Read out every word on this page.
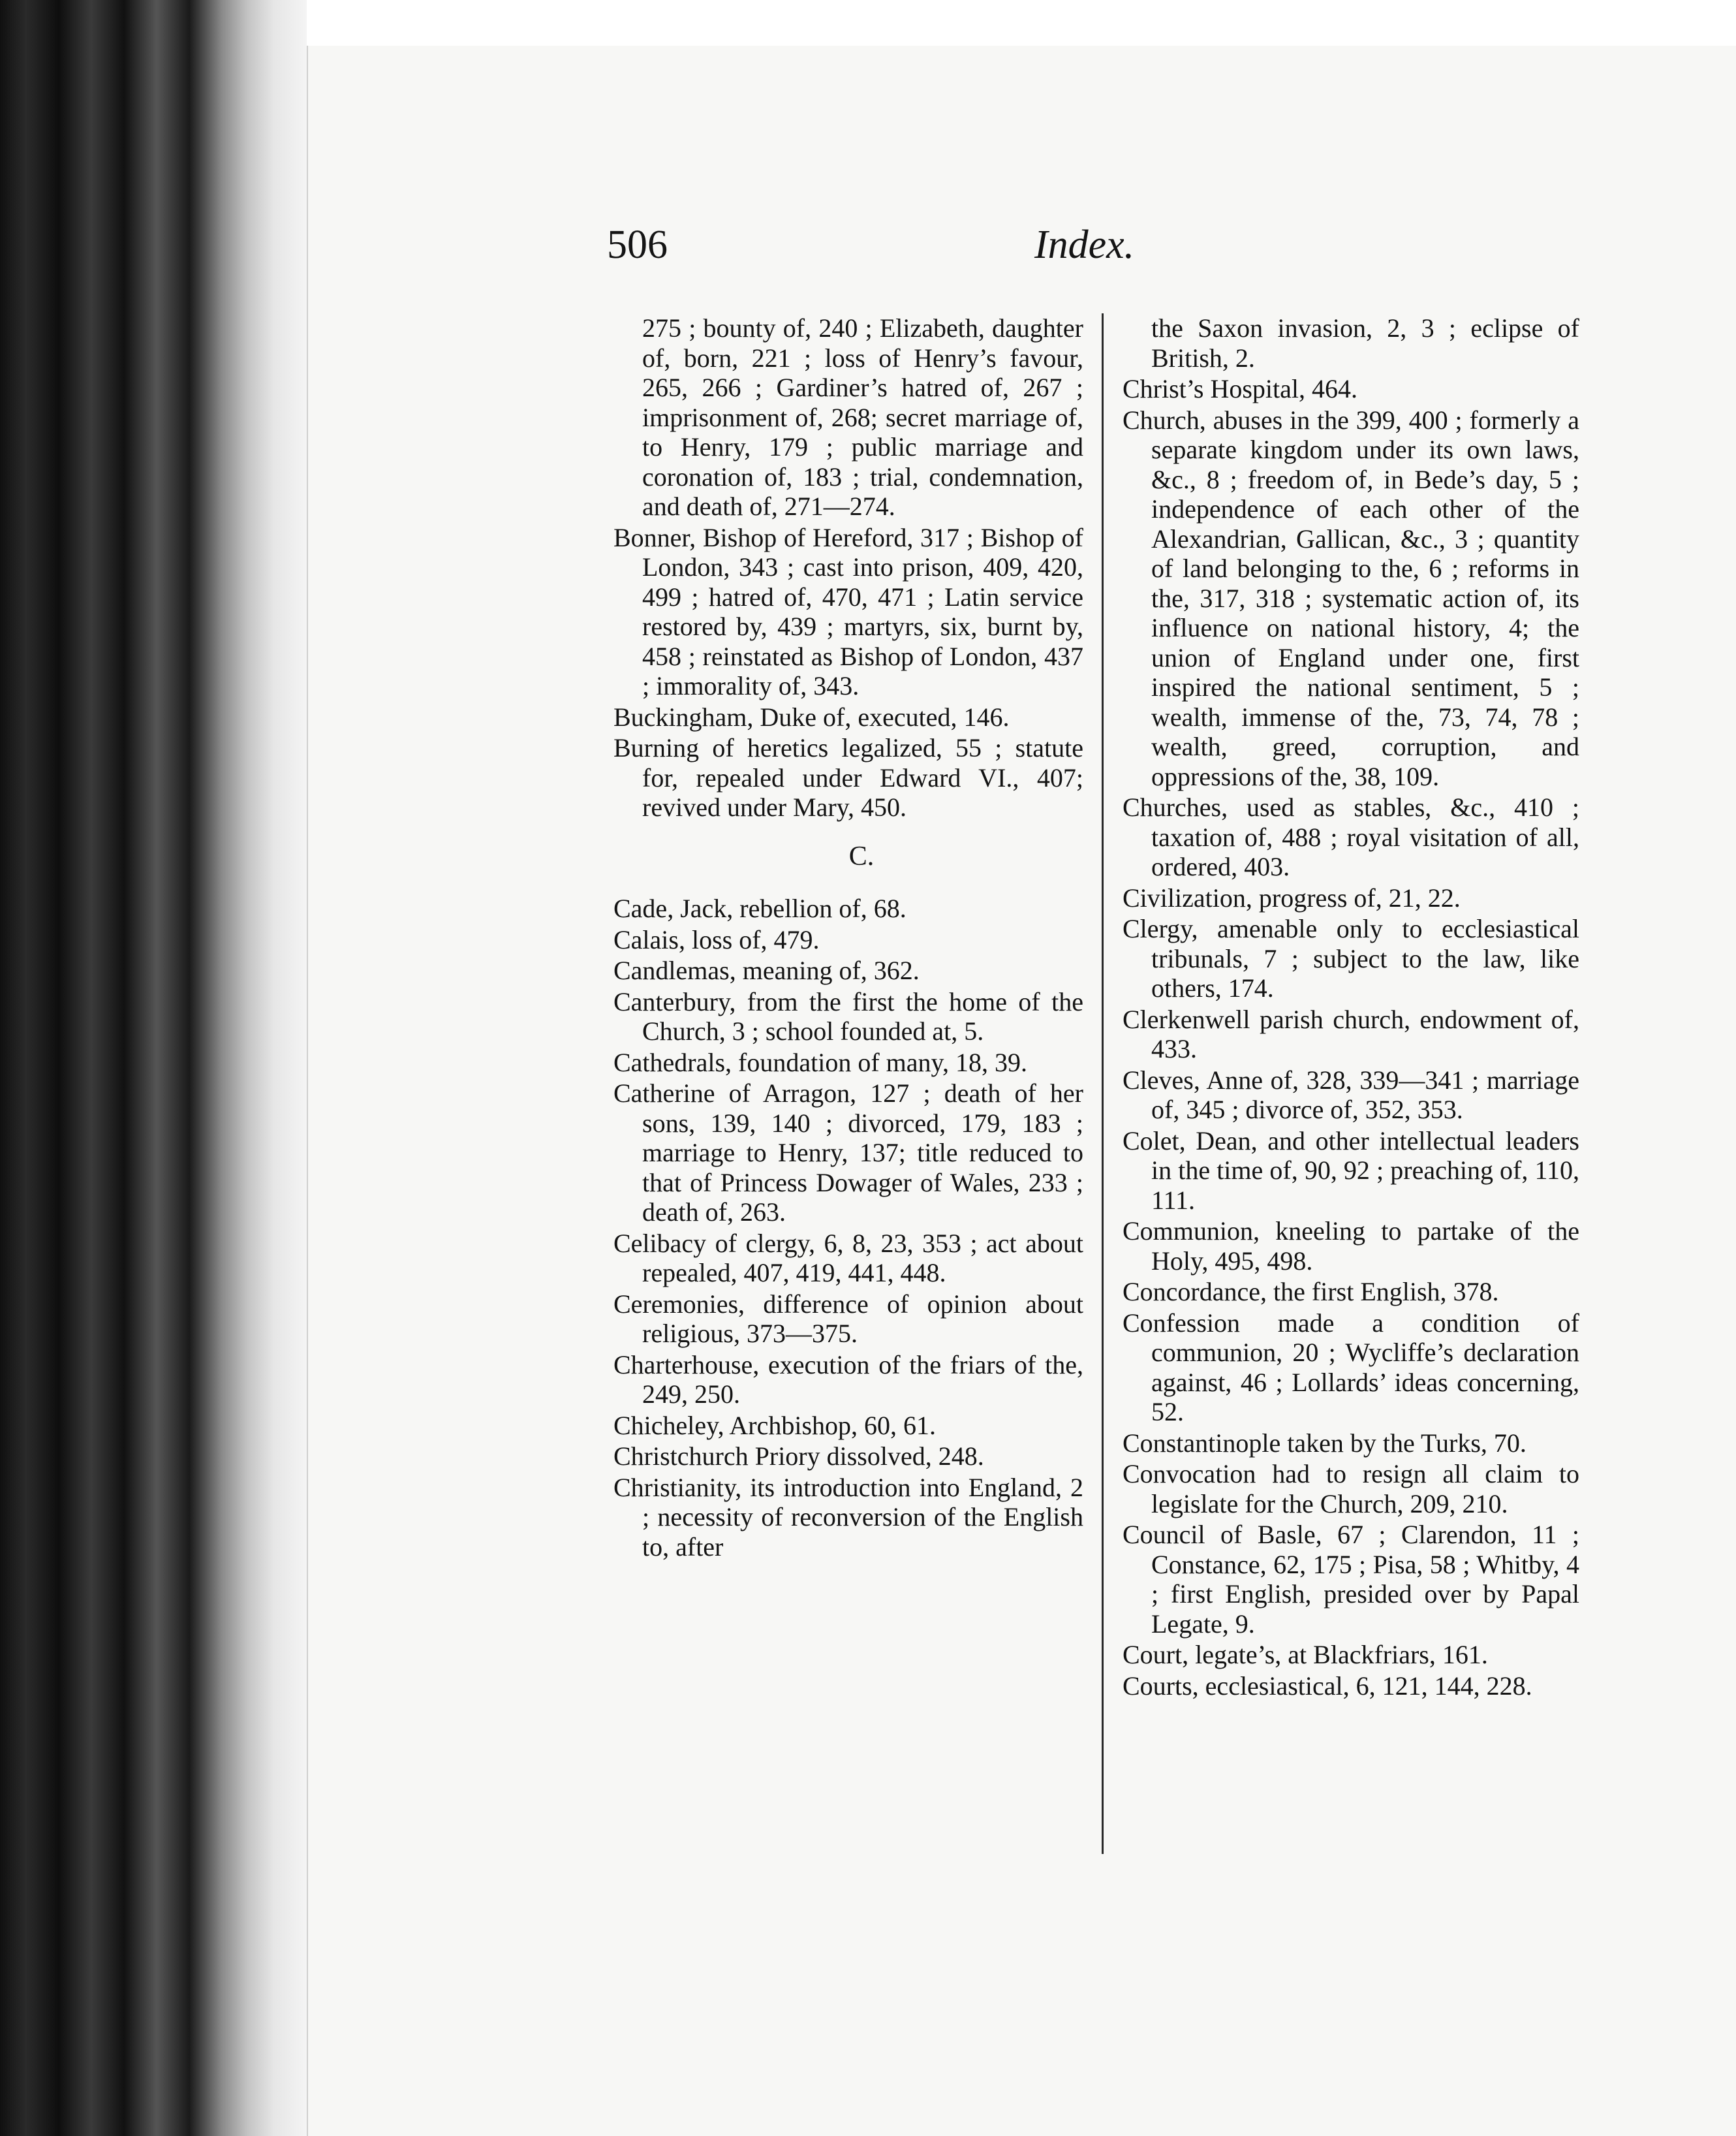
506	Index.

275 ; bounty of, 240 ; Elizabeth, daughter of, born, 221 ; loss of Henry’s favour, 265, 266 ; Gardiner’s hatred of, 267 ; imprisonment of, 268; secret marriage of, to Henry, 179 ; public marriage and coronation of, 183 ; trial, condemnation, and death of, 271—274.

Bonner, Bishop of Hereford, 317 ; Bishop of London, 343 ; cast into prison, 409, 420, 499 ; hatred of, 470, 471 ; Latin service restored by, 439 ; martyrs, six, burnt by, 458 ; reinstated as Bishop of London, 437 ; immorality of, 343.

Buckingham, Duke of, executed, 146.

Burning of heretics legalized, 55 ; statute for, repealed under Edward VI., 407; revived under Mary, 450.

C.

Cade, Jack, rebellion of, 68.

Calais, loss of, 479.

Candlemas, meaning of, 362.

Canterbury, from the first the home of the Church, 3 ; school founded at, 5.

Cathedrals, foundation of many, 18, 39.

Catherine of Arragon, 127 ; death of her sons, 139, 140 ; divorced, 179, 183 ; marriage to Henry, 137; title reduced to that of Princess Dowager of Wales, 233 ; death of, 263.

Celibacy of clergy, 6, 8, 23, 353 ; act about repealed, 407, 419, 441, 448.

Ceremonies, difference of opinion about religious, 373—375.

Charterhouse, execution of the friars of the, 249, 250.

Chicheley, Archbishop, 60, 61.

Christchurch Priory dissolved, 248.

Christianity, its introduction into England, 2 ; necessity of reconversion of the English to, after

the Saxon invasion, 2, 3 ; eclipse of British, 2.

Christ’s Hospital, 464.

Church, abuses in the 399, 400 ; formerly a separate kingdom under its own laws, &c., 8 ; freedom of, in Bede’s day, 5 ; independence of each other of the Alexandrian, Gallican, &c., 3 ; quantity of land belonging to the, 6 ; reforms in the, 317, 318 ; systematic action of, its influence on national history, 4; the union of England under one, first inspired the national sentiment, 5 ; wealth, immense of the, 73, 74, 78 ; wealth, greed, corruption, and oppressions of the, 38, 109.

Churches, used as stables, &c., 410 ; taxation of, 488 ; royal visitation of all, ordered, 403.

Civilization, progress of, 21, 22.

Clergy, amenable only to ecclesiastical tribunals, 7 ; subject to the law, like others, 174.

Clerkenwell parish church, endowment of, 433.

Cleves, Anne of, 328, 339—341 ; marriage of, 345 ; divorce of, 352, 353.

Colet, Dean, and other intellectual leaders in the time of, 90, 92 ; preaching of, 110, 111.

Communion, kneeling to partake of the Holy, 495, 498.

Concordance, the first English, 378.

Confession made a condition of communion, 20 ; Wycliffe’s declaration against, 46 ; Lollards’ ideas concerning, 52.

Constantinople taken by the Turks, 70.

Convocation had to resign all claim to legislate for the Church, 209, 210.

Council of Basle, 67 ; Clarendon, 11 ; Constance, 62, 175 ; Pisa, 58 ; Whitby, 4 ; first English, presided over by Papal Legate, 9.

Court, legate’s, at Blackfriars, 161.

Courts, ecclesiastical, 6, 121, 144, 228.
